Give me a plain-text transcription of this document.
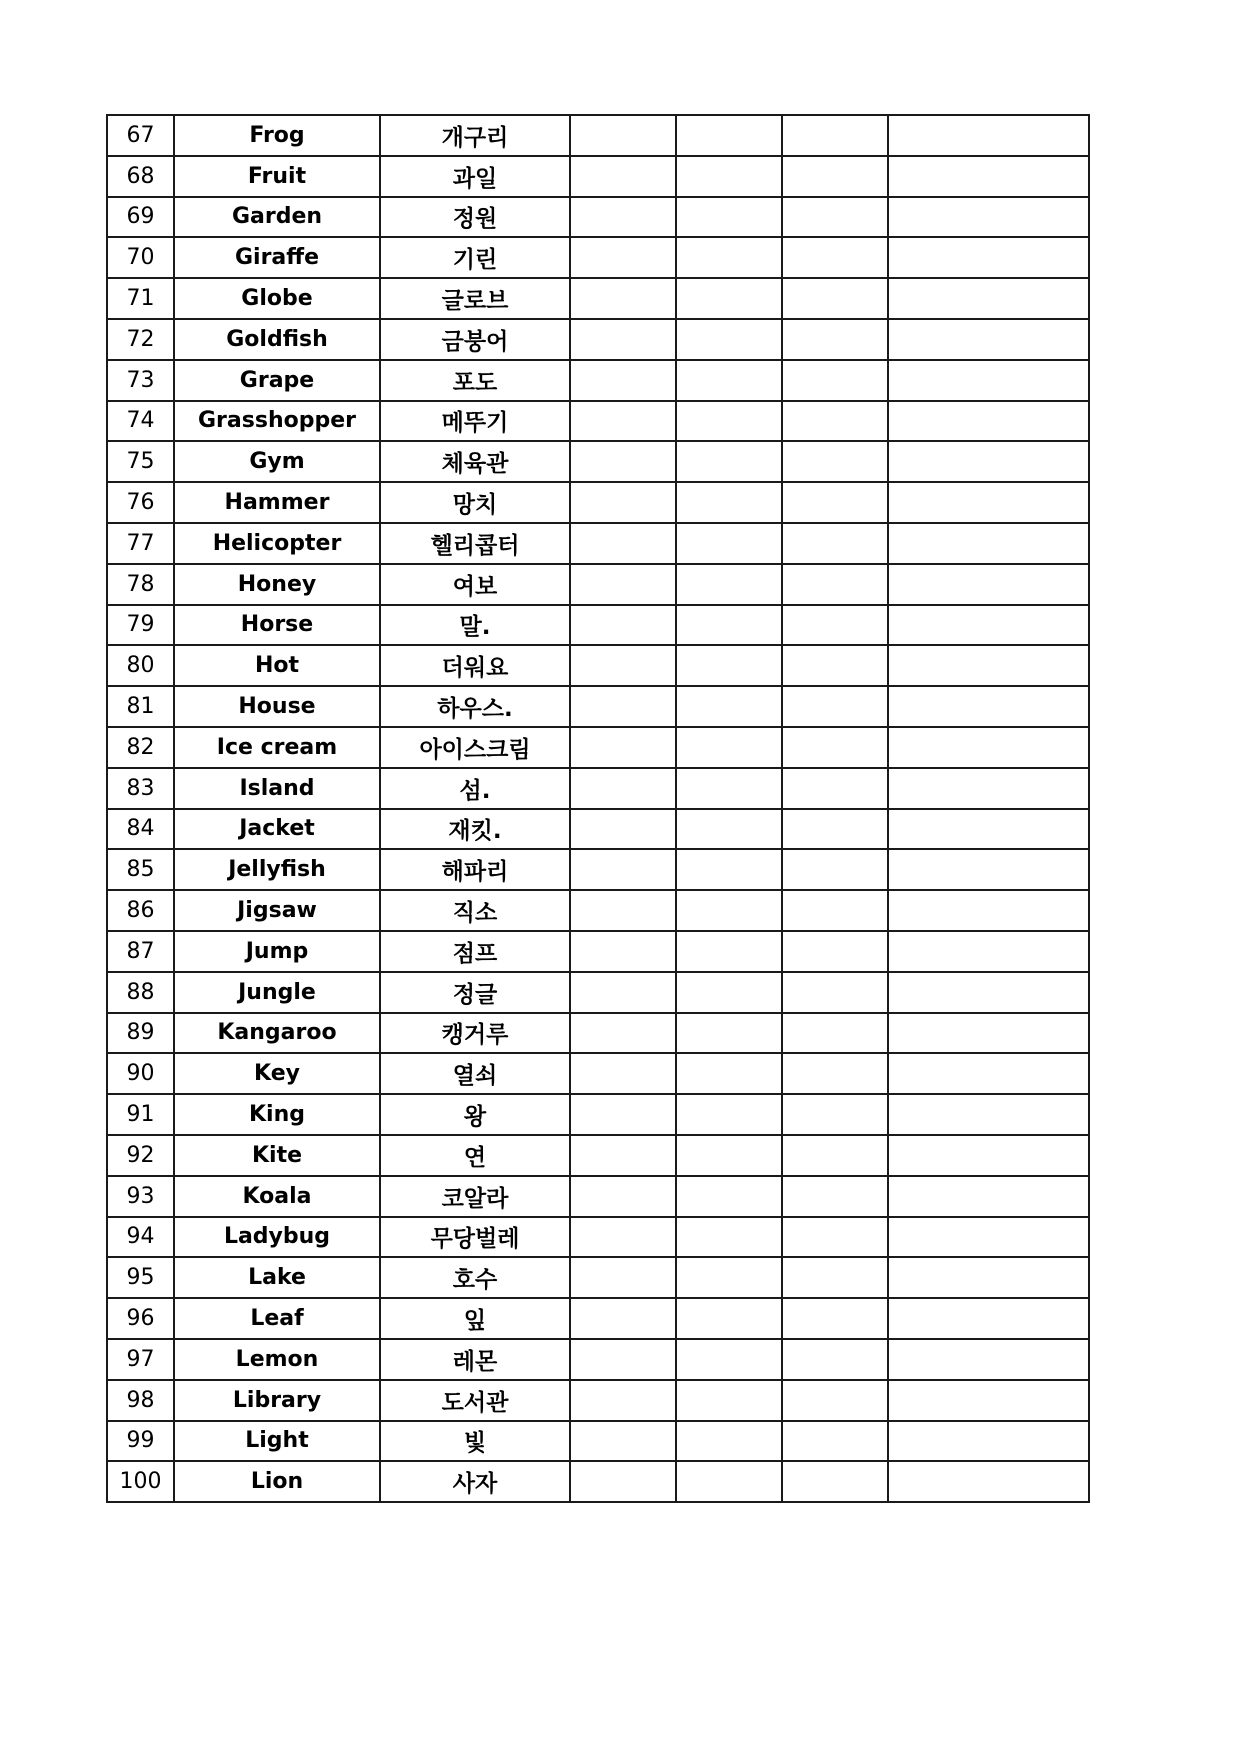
67	Frog	개구리				
68	Fruit	과일				
69	Garden	정원				
70	Giraffe	기린				
71	Globe	글로브				
72	Goldfish	금붕어				
73	Grape	포도				
74	Grasshopper	메뚜기				
75	Gym	체육관				
76	Hammer	망치				
77	Helicopter	헬리콥터				
78	Honey	여보				
79	Horse	말.				
80	Hot	더워요				
81	House	하우스.				
82	Ice cream	아이스크림				
83	Island	섬.				
84	Jacket	재킷.				
85	Jellyfish	해파리				
86	Jigsaw	직소				
87	Jump	점프				
88	Jungle	정글				
89	Kangaroo	캥거루				
90	Key	열쇠				
91	King	왕				
92	Kite	연				
93	Koala	코알라				
94	Ladybug	무당벌레				
95	Lake	호수				
96	Leaf	잎				
97	Lemon	레몬				
98	Library	도서관				
99	Light	빛				
100	Lion	사자				
